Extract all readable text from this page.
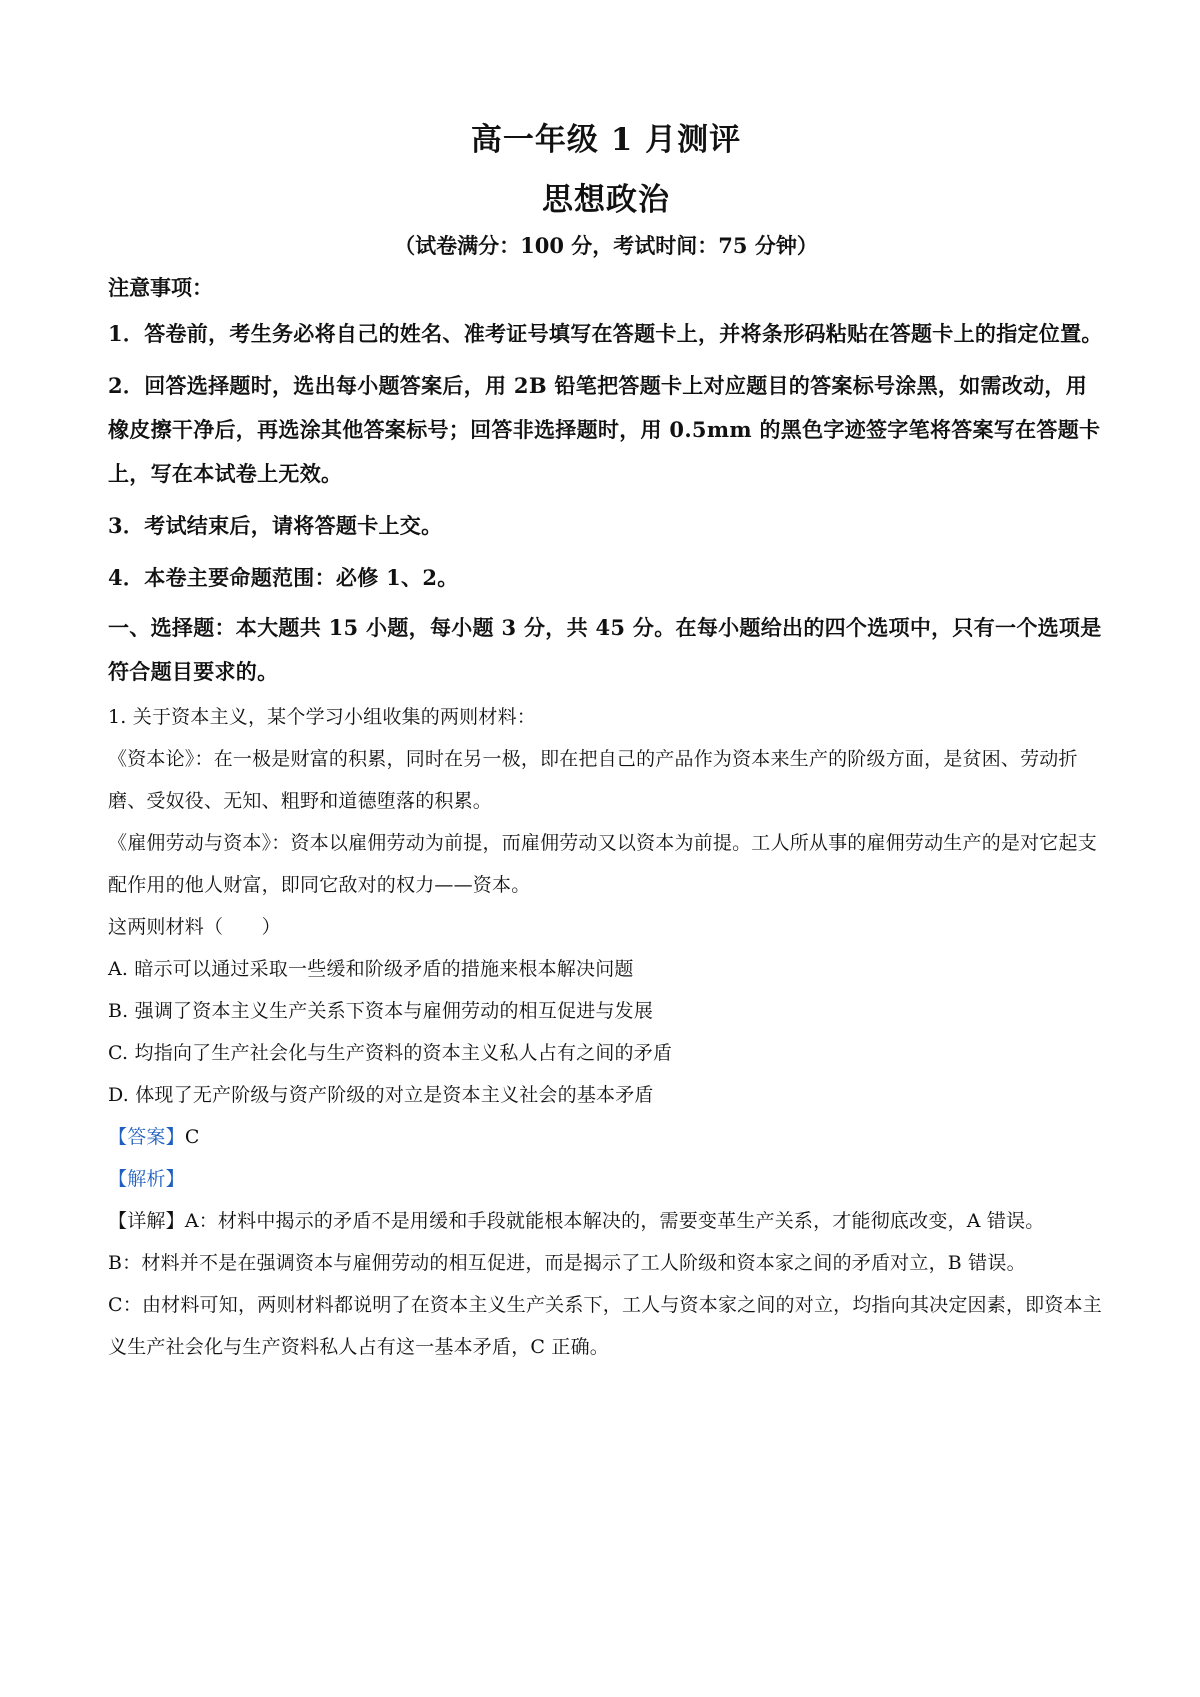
高一年级 1 月测评
思想政治

（试卷满分：100 分，考试时间：75 分钟）

注意事项：

1．答卷前，考生务必将自己的姓名、准考证号填写在答题卡上，并将条形码粘贴在答题卡上的指定位置。

2．回答选择题时，选出每小题答案后，用 2B 铅笔把答题卡上对应题目的答案标号涂黑，如需改动，用橡皮擦干净后，再选涂其他答案标号；回答非选择题时，用 0.5mm 的黑色字迹签字笔将答案写在答题卡上，写在本试卷上无效。

3．考试结束后，请将答题卡上交。

4．本卷主要命题范围：必修 1、2。

一、选择题：本大题共 15 小题，每小题 3 分，共 45 分。在每小题给出的四个选项中，只有一个选项是符合题目要求的。

1. 关于资本主义，某个学习小组收集的两则材料：

《资本论》：在一极是财富的积累，同时在另一极，即在把自己的产品作为资本来生产的阶级方面，是贫困、劳动折磨、受奴役、无知、粗野和道德堕落的积累。

《雇佣劳动与资本》：资本以雇佣劳动为前提，而雇佣劳动又以资本为前提。工人所从事的雇佣劳动生产的是对它起支配作用的他人财富，即同它敌对的权力——资本。

这两则材料（　　）

A. 暗示可以通过采取一些缓和阶级矛盾的措施来根本解决问题

B. 强调了资本主义生产关系下资本与雇佣劳动的相互促进与发展

C. 均指向了生产社会化与生产资料的资本主义私人占有之间的矛盾

D. 体现了无产阶级与资产阶级的对立是资本主义社会的基本矛盾

【答案】C

【解析】

【详解】A：材料中揭示的矛盾不是用缓和手段就能根本解决的，需要变革生产关系，才能彻底改变，A 错误。

B：材料并不是在强调资本与雇佣劳动的相互促进，而是揭示了工人阶级和资本家之间的矛盾对立，B 错误。

C：由材料可知，两则材料都说明了在资本主义生产关系下，工人与资本家之间的对立，均指向其决定因素，即资本主义生产社会化与生产资料私人占有这一基本矛盾，C 正确。
